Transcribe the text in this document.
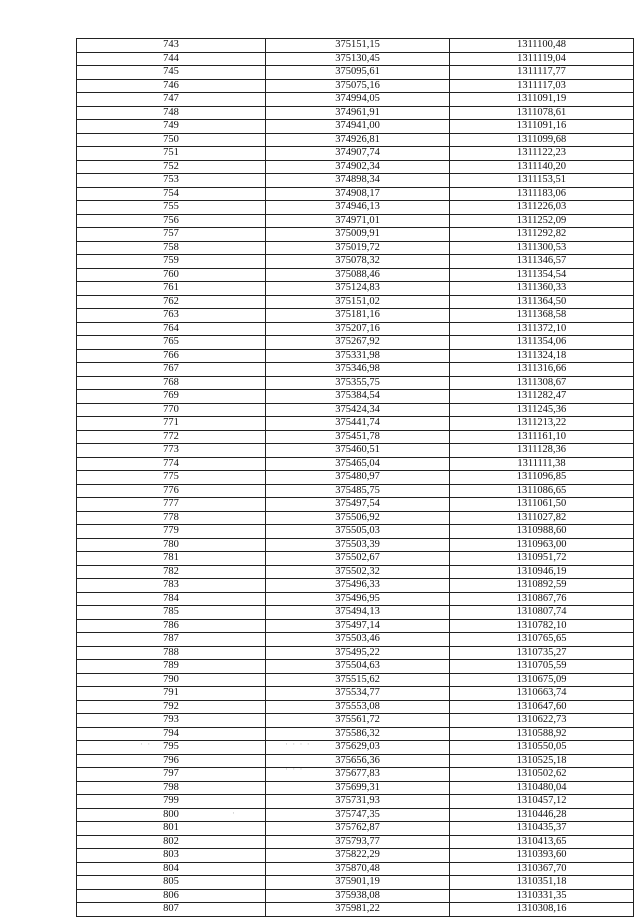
743	375151,15	1311100,48
744	375130,45	1311119,04
745	375095,61	1311117,77
746	375075,16	1311117,03
747	374994,05	1311091,19
748	374961,91	1311078,61
749	374941,00	1311091,16
750	374926,81	1311099,68
751	374907,74	1311122,23
752	374902,34	1311140,20
753	374898,34	1311153,51
754	374908,17	1311183,06
755	374946,13	1311226,03
756	374971,01	1311252,09
757	375009,91	1311292,82
758	375019,72	1311300,53
759	375078,32	1311346,57
760	375088,46	1311354,54
761	375124,83	1311360,33
762	375151,02	1311364,50
763	375181,16	1311368,58
764	375207,16	1311372,10
765	375267,92	1311354,06
766	375331,98	1311324,18
767	375346,98	1311316,66
768	375355,75	1311308,67
769	375384,54	1311282,47
770	375424,34	1311245,36
771	375441,74	1311213,22
772	375451,78	1311161,10
773	375460,51	1311128,36
774	375465,04	1311111,38
775	375480,97	1311096,85
776	375485,75	1311086,65
777	375497,54	1311061,50
778	375506,92	1311027,82
779	375505,03	1310988,60
780	375503,39	1310963,00
781	375502,67	1310951,72
782	375502,32	1310946,19
783	375496,33	1310892,59
784	375496,95	1310867,76
785	375494,13	1310807,74
786	375497,14	1310782,10
787	375503,46	1310765,65
788	375495,22	1310735,27
789	375504,63	1310705,59
790	375515,62	1310675,09
791	375534,77	1310663,74
792	375553,08	1310647,60
793	375561,72	1310622,73
794	375586,32	1310588,92
795	375629,03	1310550,05
796	375656,36	1310525,18
797	375677,83	1310502,62
798	375699,31	1310480,04
799	375731,93	1310457,12
800	375747,35	1310446,28
801	375762,87	1310435,37
802	375793,77	1310413,65
803	375822,29	1310393,60
804	375870,48	1310367,70
805	375901,19	1310351,18
806	375938,08	1310331,35
807	375981,22	1310308,16
· ·	· · · ·
· · ·
·
